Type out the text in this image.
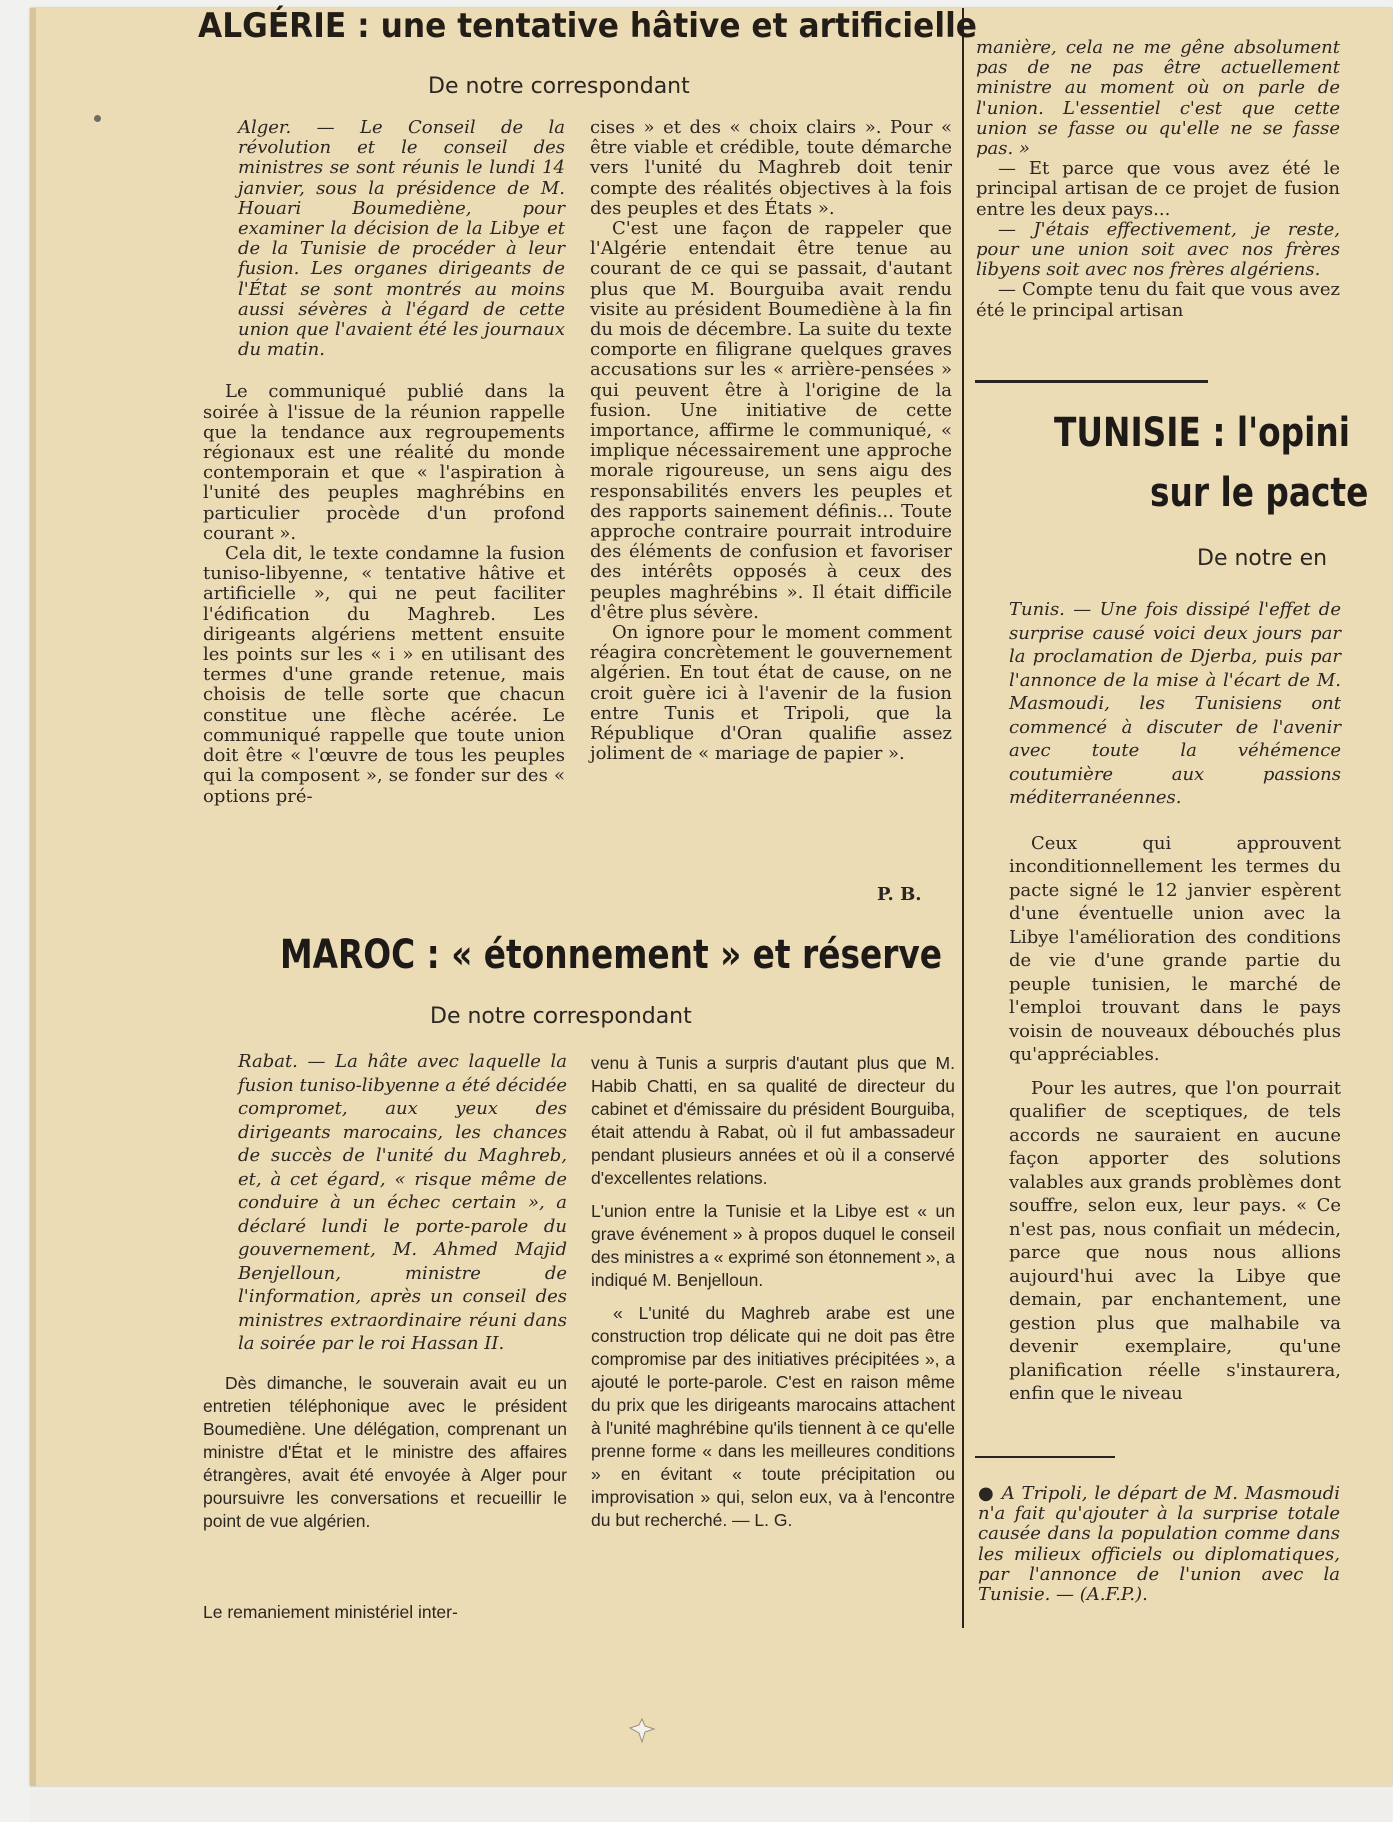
ALGÉRIE : une tentative hâtive et artificielle
De notre correspondant

Alger. — Le Conseil de la révolution et le conseil des ministres se sont réunis le lundi 14 janvier, sous la présidence de M. Houari Boumediène, pour examiner la décision de la Libye et de la Tunisie de procéder à leur fusion. Les organes dirigeants de l'État se sont montrés au moins aussi sévères à l'égard de cette union que l'avaient été les journaux du matin.

Le communiqué publié dans la soirée à l'issue de la réunion rappelle que la tendance aux regroupements régionaux est une réalité du monde contemporain et que « l'aspiration à l'unité des peuples maghrébins en particulier procède d'un profond courant ».

Cela dit, le texte condamne la fusion tuniso-libyenne, « tentative hâtive et artificielle », qui ne peut faciliter l'édification du Maghreb. Les dirigeants algériens mettent ensuite les points sur les « i » en utilisant des termes d'une grande retenue, mais choisis de telle sorte que chacun constitue une flèche acérée. Le communiqué rappelle que toute union doit être « l'œuvre de tous les peuples qui la composent », se fonder sur des « options pré-

cises » et des « choix clairs ». Pour « être viable et crédible, toute démarche vers l'unité du Maghreb doit tenir compte des réalités objectives à la fois des peuples et des États ».

C'est une façon de rappeler que l'Algérie entendait être tenue au courant de ce qui se passait, d'autant plus que M. Bourguiba avait rendu visite au président Boumediène à la fin du mois de décembre. La suite du texte comporte en filigrane quelques graves accusations sur les « arrière-pensées » qui peuvent être à l'origine de la fusion. Une initiative de cette importance, affirme le communiqué, « implique nécessairement une approche morale rigoureuse, un sens aigu des responsabilités envers les peuples et des rapports sainement définis... Toute approche contraire pourrait introduire des éléments de confusion et favoriser des intérêts opposés à ceux des peuples maghrébins ». Il était difficile d'être plus sévère.

On ignore pour le moment comment réagira concrètement le gouvernement algérien. En tout état de cause, on ne croit guère ici à l'avenir de la fusion entre Tunis et Tripoli, que la République d'Oran qualifie assez joliment de « mariage de papier ».

P. B.

manière, cela ne me gêne absolument pas de ne pas être actuellement ministre au moment où on parle de l'union. L'essentiel c'est que cette union se fasse ou qu'elle ne se fasse pas. »

— Et parce que vous avez été le principal artisan de ce projet de fusion entre les deux pays...

— J'étais effectivement, je reste, pour une union soit avec nos frères libyens soit avec nos frères algériens.

— Compte tenu du fait que vous avez été le principal artisan

TUNISIE : l'opini
sur le pacte
De notre en

Tunis. — Une fois dissipé l'effet de surprise causé voici deux jours par la proclamation de Djerba, puis par l'annonce de la mise à l'écart de M. Masmoudi, les Tunisiens ont commencé à discuter de l'avenir avec toute la véhémence coutumière aux passions méditerranéennes.

Ceux qui approuvent inconditionnellement les termes du pacte signé le 12 janvier espèrent d'une éventuelle union avec la Libye l'amélioration des conditions de vie d'une grande partie du peuple tunisien, le marché de l'emploi trouvant dans le pays voisin de nouveaux débouchés plus qu'appréciables.

Pour les autres, que l'on pourrait qualifier de sceptiques, de tels accords ne sauraient en aucune façon apporter des solutions valables aux grands problèmes dont souffre, selon eux, leur pays. « Ce n'est pas, nous confiait un médecin, parce que nous nous allions aujourd'hui avec la Libye que demain, par enchantement, une gestion plus que malhabile va devenir exemplaire, qu'une planification réelle s'instaurera, enfin que le niveau

● A Tripoli, le départ de M. Masmoudi n'a fait qu'ajouter à la surprise totale causée dans la population comme dans les milieux officiels ou diplomatiques, par l'annonce de l'union avec la Tunisie. — (A.F.P.).
MAROC : « étonnement » et réserve
De notre correspondant

Rabat. — La hâte avec laquelle la fusion tuniso-libyenne a été décidée compromet, aux yeux des dirigeants marocains, les chances de succès de l'unité du Maghreb, et, à cet égard, « risque même de conduire à un échec certain », a déclaré lundi le porte-parole du gouvernement, M. Ahmed Majid Benjelloun, ministre de l'information, après un conseil des ministres extraordinaire réuni dans la soirée par le roi Hassan II.

Dès dimanche, le souverain avait eu un entretien téléphonique avec le président Boumediène. Une délégation, comprenant un ministre d'État et le ministre des affaires étrangères, avait été envoyée à Alger pour poursuivre les conversations et recueillir le point de vue algérien.

Le remaniement ministériel inter-

venu à Tunis a surpris d'autant plus que M. Habib Chatti, en sa qualité de directeur du cabinet et d'émissaire du président Bourguiba, était attendu à Rabat, où il fut ambassadeur pendant plusieurs années et où il a conservé d'excellentes relations.

L'union entre la Tunisie et la Libye est « un grave événement » à propos duquel le conseil des ministres a « exprimé son étonnement », a indiqué M. Benjelloun.

« L'unité du Maghreb arabe est une construction trop délicate qui ne doit pas être compromise par des initiatives précipitées », a ajouté le porte-parole. C'est en raison même du prix que les dirigeants marocains attachent à l'unité maghrébine qu'ils tiennent à ce qu'elle prenne forme « dans les meilleures conditions » en évitant « toute précipitation ou improvisation » qui, selon eux, va à l'encontre du but recherché. — L. G.
